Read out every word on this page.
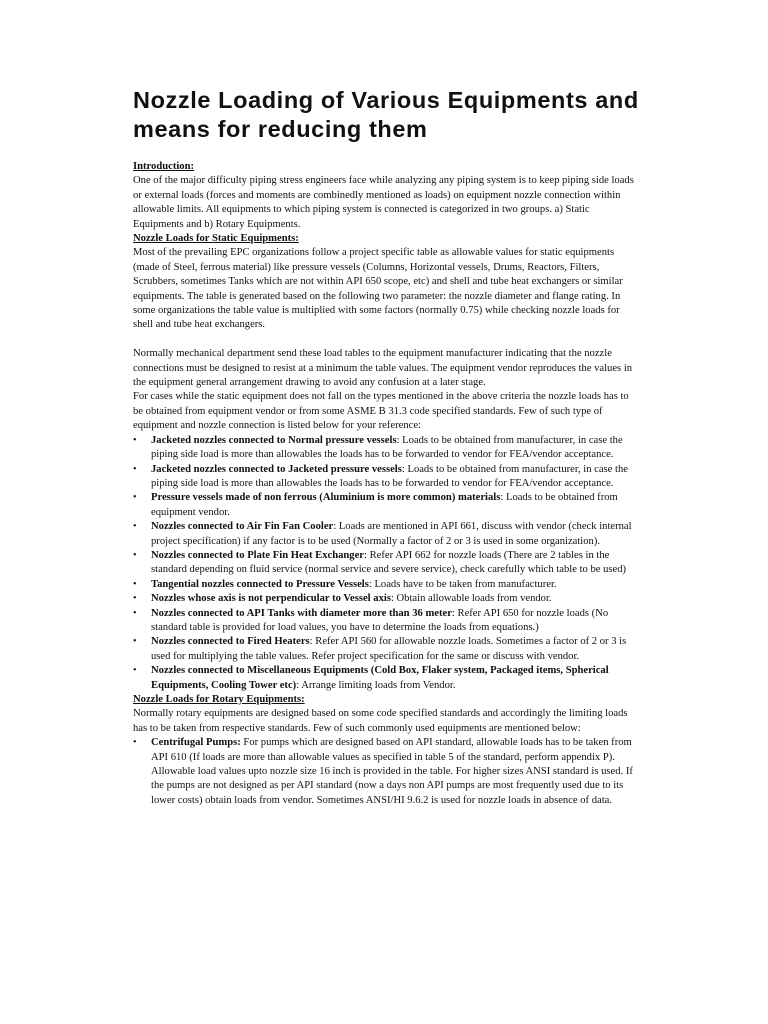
Nozzle Loading of Various Equipments and means for reducing them
Introduction:

One of the major difficulty piping stress engineers face while analyzing any piping system is to keep piping side loads or external loads (forces and moments are combinedly mentioned as loads) on equipment nozzle connection within allowable limits. All equipments to which piping system is connected is categorized in two groups. a) Static Equipments and b) Rotary Equipments.

Nozzle Loads for Static Equipments:

Most of the prevailing EPC organizations follow a project specific table as allowable values for static equipments (made of Steel, ferrous material) like pressure vessels (Columns, Horizontal vessels, Drums, Reactors, Filters, Scrubbers, sometimes Tanks which are not within API 650 scope, etc) and shell and tube heat exchangers or similar equipments. The table is generated based on the following two parameter: the nozzle diameter and flange rating. In some organizations the table value is multiplied with some factors (normally 0.75) while checking nozzle loads for shell and tube heat exchangers.

Normally mechanical department send these load tables to the equipment manufacturer indicating that the nozzle connections must be designed to resist at a minimum the table values. The equipment vendor reproduces the values in the equipment general arrangement drawing to avoid any confusion at a later stage.

For cases while the static equipment does not fall on the types mentioned in the above criteria the nozzle loads has to be obtained from equipment vendor or from some ASME B 31.3 code specified standards. Few of such type of equipment and nozzle connection is listed below for your reference:

•	Jacketed nozzles connected to Normal pressure vessels: Loads to be obtained from manufacturer, in case the piping side load is more than allowables the loads has to be forwarded to vendor for FEA/vendor acceptance.
•	Jacketed nozzles connected to Jacketed pressure vessels: Loads to be obtained from manufacturer, in case the piping side load is more than allowables the loads has to be forwarded to vendor for FEA/vendor acceptance.
•	Pressure vessels made of non ferrous (Aluminium is more common) materials: Loads to be obtained from equipment vendor.
•	Nozzles connected to Air Fin Fan Cooler: Loads are mentioned in API 661, discuss with vendor (check internal project specification) if any factor is to be used (Normally a factor of 2 or 3 is used in some organization).
•	Nozzles connected to Plate Fin Heat Exchanger: Refer API 662 for nozzle loads (There are 2 tables in the standard depending on fluid service (normal service and severe service), check carefully which table to be used)
•	Tangential nozzles connected to Pressure Vessels: Loads have to be taken from manufacturer.
•	Nozzles whose axis is not perpendicular to Vessel axis: Obtain allowable loads from vendor.
•	Nozzles connected to API Tanks with diameter more than 36 meter: Refer API 650 for nozzle loads (No standard table is provided for load values, you have to determine the loads from equations.)
•	Nozzles connected to Fired Heaters: Refer API 560 for allowable nozzle loads. Sometimes a factor of 2 or 3 is used for multiplying the table values. Refer project specification for the same or discuss with vendor.
•	Nozzles connected to Miscellaneous Equipments (Cold Box, Flaker system, Packaged items, Spherical Equipments, Cooling Tower etc): Arrange limiting loads from Vendor.
Nozzle Loads for Rotary Equipments:

Normally rotary equipments are designed based on some code specified standards and accordingly the limiting loads has to be taken from respective standards. Few of such commonly used equipments are mentioned below:

•	Centrifugal Pumps: For pumps which are designed based on API standard, allowable loads has to be taken from API 610 (If loads are more than allowable values as specified in table 5 of the standard, perform appendix P). Allowable load values upto nozzle size 16 inch is provided in the table. For higher sizes ANSI standard is used. If the pumps are not designed as per API standard (now a days non API pumps are most frequently used due to its lower costs) obtain loads from vendor. Sometimes ANSI/HI 9.6.2 is used for nozzle loads in absence of data.
